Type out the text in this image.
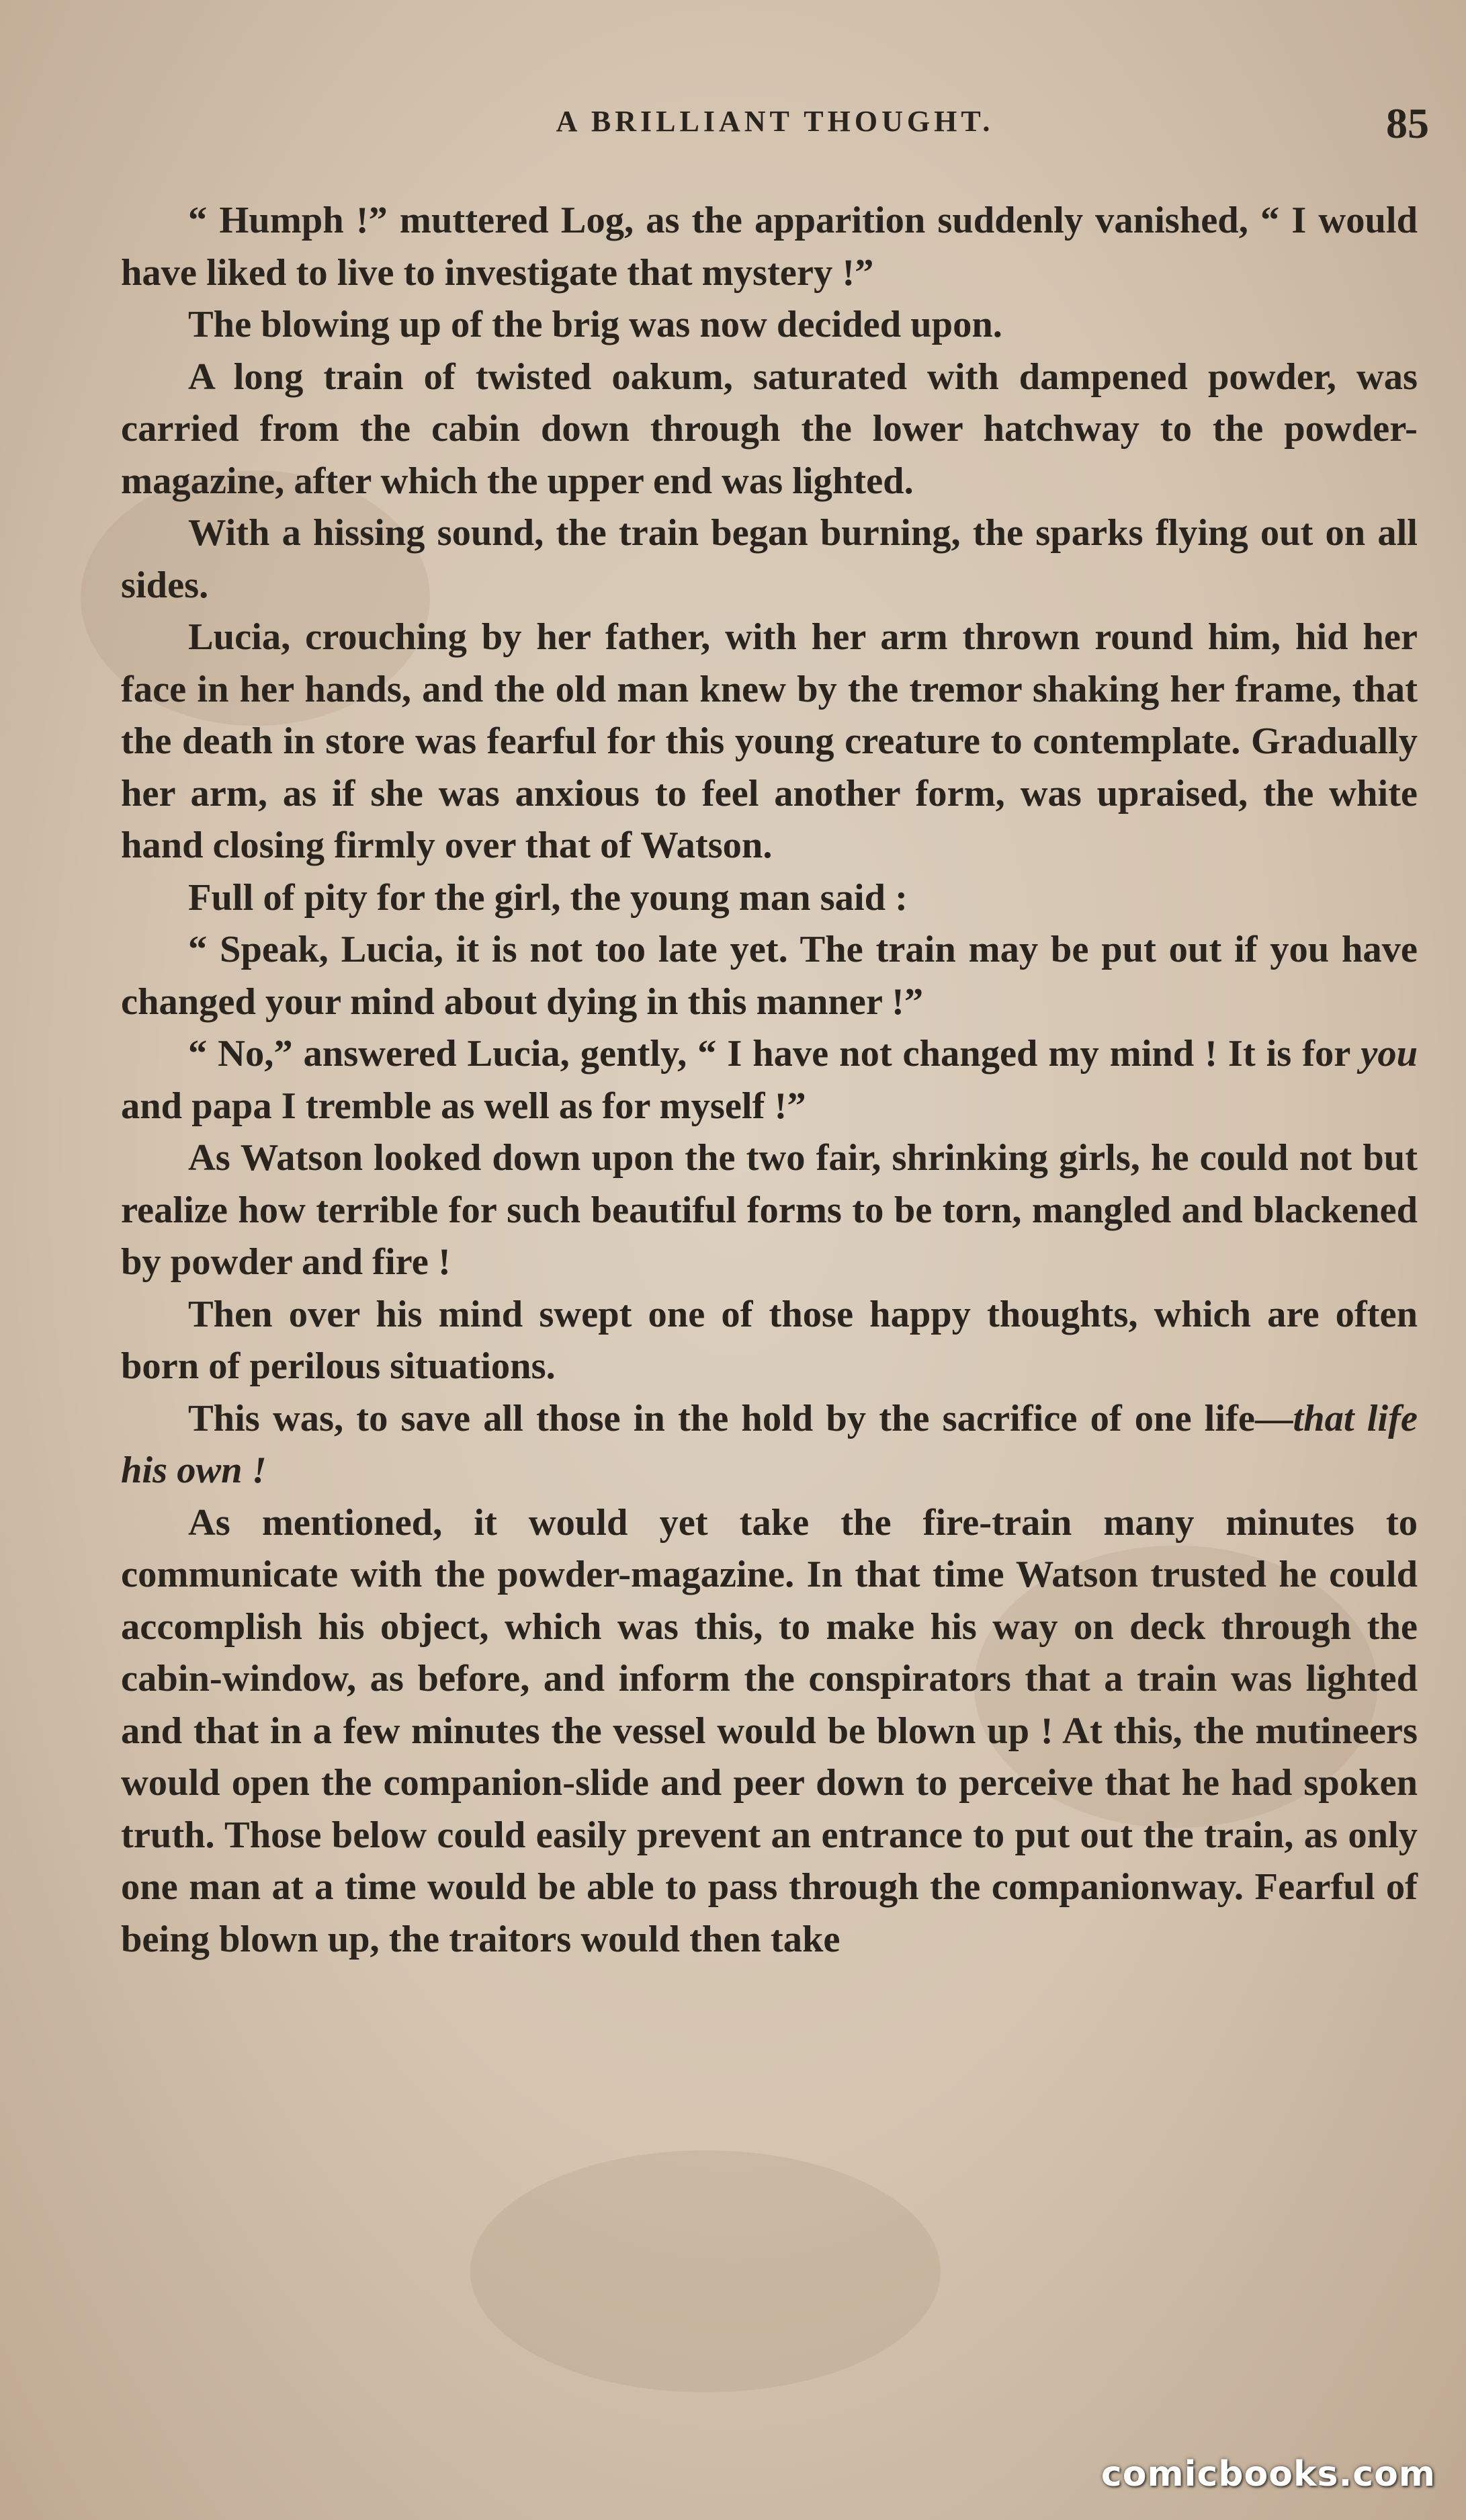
A BRILLIANT THOUGHT.	85

“ Humph !” muttered Log, as the apparition suddenly vanished, “ I would have liked to live to investigate that mystery !”

The blowing up of the brig was now decided upon.

A long train of twisted oakum, saturated with dampened powder, was carried from the cabin down through the lower hatchway to the powder-magazine, after which the upper end was lighted.

With a hissing sound, the train began burning, the sparks flying out on all sides.

Lucia, crouching by her father, with her arm thrown round him, hid her face in her hands, and the old man knew by the tremor shaking her frame, that the death in store was fearful for this young creature to contemplate. Gradually her arm, as if she was anxious to feel another form, was upraised, the white hand closing firmly over that of Watson.

Full of pity for the girl, the young man said :

“ Speak, Lucia, it is not too late yet. The train may be put out if you have changed your mind about dying in this manner !”

“ No,” answered Lucia, gently, “ I have not changed my mind ! It is for you and papa I tremble as well as for myself !”

As Watson looked down upon the two fair, shrinking girls, he could not but realize how terrible for such beautiful forms to be torn, mangled and blackened by powder and fire !

Then over his mind swept one of those happy thoughts, which are often born of perilous situations.

This was, to save all those in the hold by the sacrifice of one life—that life his own !

As mentioned, it would yet take the fire-train many minutes to communicate with the powder-magazine. In that time Watson trusted he could accomplish his object, which was this, to make his way on deck through the cabin-window, as before, and inform the conspirators that a train was lighted and that in a few minutes the vessel would be blown up ! At this, the mutineers would open the companion-slide and peer down to perceive that he had spoken truth. Those below could easily prevent an entrance to put out the train, as only one man at a time would be able to pass through the companionway. Fearful of being blown up, the traitors would then take

comicbooks.com
